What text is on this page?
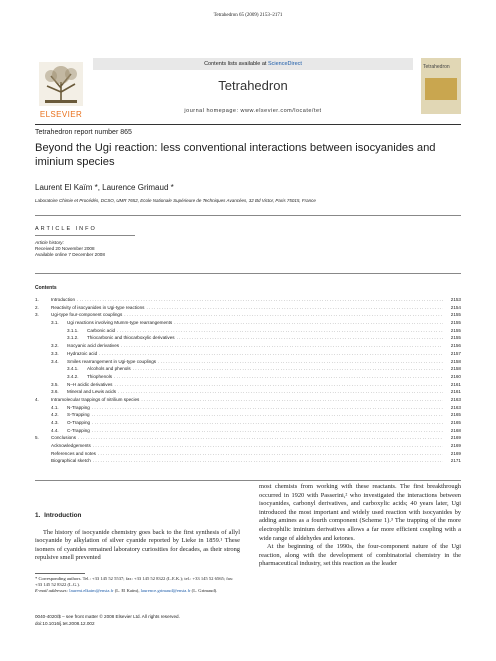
Tetrahedron 65 (2009) 2153–2171
ELSEVIER
Contents lists available at ScienceDirect
Tetrahedron
journal homepage: www.elsevier.com/locate/tet
Tetrahedron
Tetrahedron report number 865
Beyond the Ugi reaction: less conventional interactions between isocyanides and iminium species
Laurent El Kaïm *, Laurence Grimaud *
Laboratoire Chimie et Procédés, DCSO, UMR 7652, Ecole Nationale Supérieure de Techniques Avancées, 32 Bd Victor, Paris 75015, France
ARTICLE INFO
Article history:
Received 20 November 2008
Available online 7 December 2008
Contents
1.	Introduction . . .	2153
2.	Reactivity of isocyanides in Ugi-type reactions . . .	2154
3.	Ugi-type four-component couplings . . .	2155
3.1.	Ugi reactions involving Mumm-type rearrangements . . .	2155
3.1.1.	Carbonic acid . . .	2155
3.1.2.	Thiocarbonic and thiocarboxylic derivatives . . .	2155
3.2.	Isocyanic acid derivatives . . .	2156
3.3.	Hydrazoic acid . . .	2157
3.4.	Smiles rearrangement in Ugi-type couplings . . .	2158
3.4.1.	Alcohols and phenols . . .	2158
3.4.2.	Thiophenols . . .	2160
3.5.	N–H acidic derivatives . . .	2161
3.6.	Mineral and Lewis acids . . .	2161
4.	Intramolecular trappings of nitrilium species . . .	2163
4.1.	N-Trapping . . .	2163
4.2.	S-Trapping . . .	2165
4.3.	O-Trapping . . .	2165
4.4.	C-Trapping . . .	2168
5.	Conclusions . . .	2169
Acknowledgements . . .	2169
References and notes . . .	2169
Biographical sketch . . .	2171
1. Introduction

The history of isocyanide chemistry goes back to the first synthesis of allyl isocyanide by alkylation of silver cyanide reported by Lieke in 1859.¹ These isomers of cyanides remained laboratory curiosities for decades, as their strong repulsive smell prevented

* Corresponding authors. Tel.: +33 145 52 5537; fax: +33 145 52 8322 (L.E.K.); tel.: +33 145 52 6565; fax: +33 145 52 8322 (L.G.).
E-mail addresses: laurent.elkaim@ensta.fr (L. El Kaïm), laurence.grimaud@ensta.fr (L. Grimaud).
0040-4020/$ – see front matter © 2008 Elsevier Ltd. All rights reserved.
doi:10.1016/j.tet.2008.12.002

most chemists from working with these reactants. The first breakthrough occurred in 1920 with Passerini,² who investigated the interactions between isocyanides, carbonyl derivatives, and carboxylic acids; 40 years later, Ugi introduced the most important and widely used reaction with isocyanides by adding amines as a fourth component (Scheme 1).³ The trapping of the more electrophilic iminium derivatives allows a far more efficient coupling with a wide range of aldehydes and ketones.

At the beginning of the 1990s, the four-component nature of the Ugi reaction, along with the development of combinatorial chemistry in the pharmaceutical industry, set this reaction as the leader
